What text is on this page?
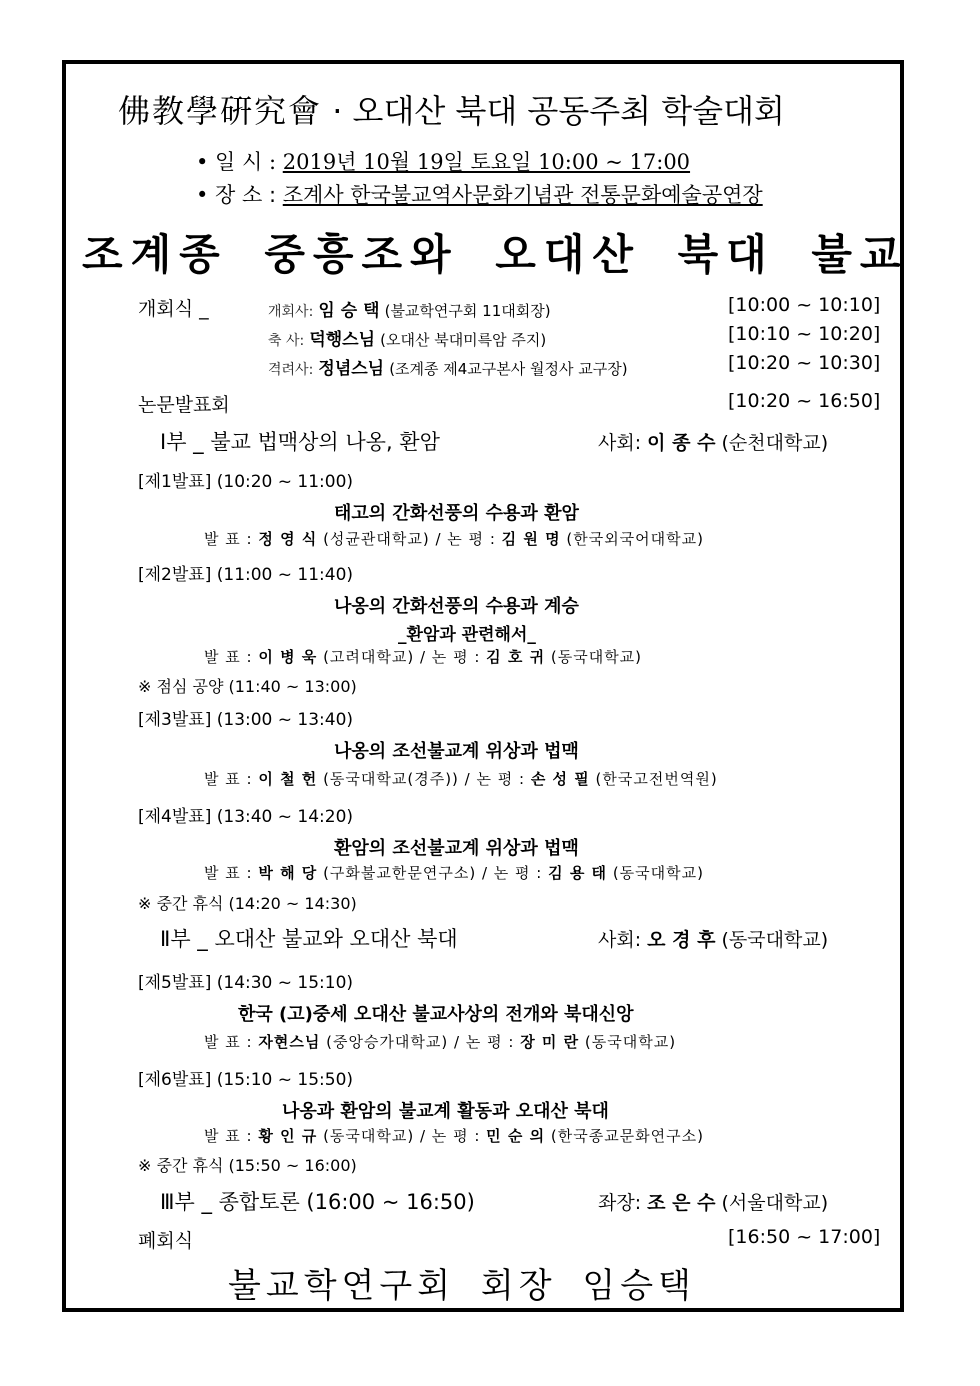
佛教學硏究會 · 오대산 북대 공동주최 학술대회
• 일 시 : 2019년 10월 19일 토요일 10:00 ~ 17:00
• 장 소 : 조계사 한국불교역사문화기념관 전통문화예술공연장
조계종 중흥조와 오대산 북대 불교
개회식 _	개회사: 임 승 택 (불교학연구회 11대회장)	[10:00 ~ 10:10]
축 사: 덕행스님 (오대산 북대미륵암 주지)	[10:10 ~ 10:20]
격려사: 정념스님 (조계종 제4교구본사 월정사 교구장)	[10:20 ~ 10:30]
논문발표회	[10:20 ~ 16:50]
Ⅰ부 _ 불교 법맥상의 나옹, 환암	사회: 이 종 수 (순천대학교)
[제1발표] (10:20 ~ 11:00)
태고의 간화선풍의 수용과 환암
발 표 : 정 영 식 (성균관대학교) / 논 평 : 김 원 명 (한국외국어대학교)
[제2발표] (11:00 ~ 11:40)
나옹의 간화선풍의 수용과 계승
_환암과 관련해서_
발 표 : 이 병 욱 (고려대학교) / 논 평 : 김 호 귀 (동국대학교)
※ 점심 공양 (11:40 ~ 13:00)
[제3발표] (13:00 ~ 13:40)
나옹의 조선불교계 위상과 법맥
발 표 : 이 철 헌 (동국대학교(경주)) / 논 평 : 손 성 필 (한국고전번역원)
[제4발표] (13:40 ~ 14:20)
환암의 조선불교계 위상과 법맥
발 표 : 박 해 당 (구화불교한문연구소) / 논 평 : 김 용 태 (동국대학교)
※ 중간 휴식 (14:20 ~ 14:30)
Ⅱ부 _ 오대산 불교와 오대산 북대	사회: 오 경 후 (동국대학교)
[제5발표] (14:30 ~ 15:10)
한국 (고)중세 오대산 불교사상의 전개와 북대신앙
발 표 : 자현스님 (중앙승가대학교) / 논 평 : 장 미 란 (동국대학교)
[제6발표] (15:10 ~ 15:50)
나옹과 환암의 불교계 활동과 오대산 북대
발 표 : 황 인 규 (동국대학교) / 논 평 : 민 순 의 (한국종교문화연구소)
※ 중간 휴식 (15:50 ~ 16:00)
Ⅲ부 _ 종합토론 (16:00 ~ 16:50)	좌장: 조 은 수 (서울대학교)
폐회식	[16:50 ~ 17:00]
불교학연구회 회장 임승택
